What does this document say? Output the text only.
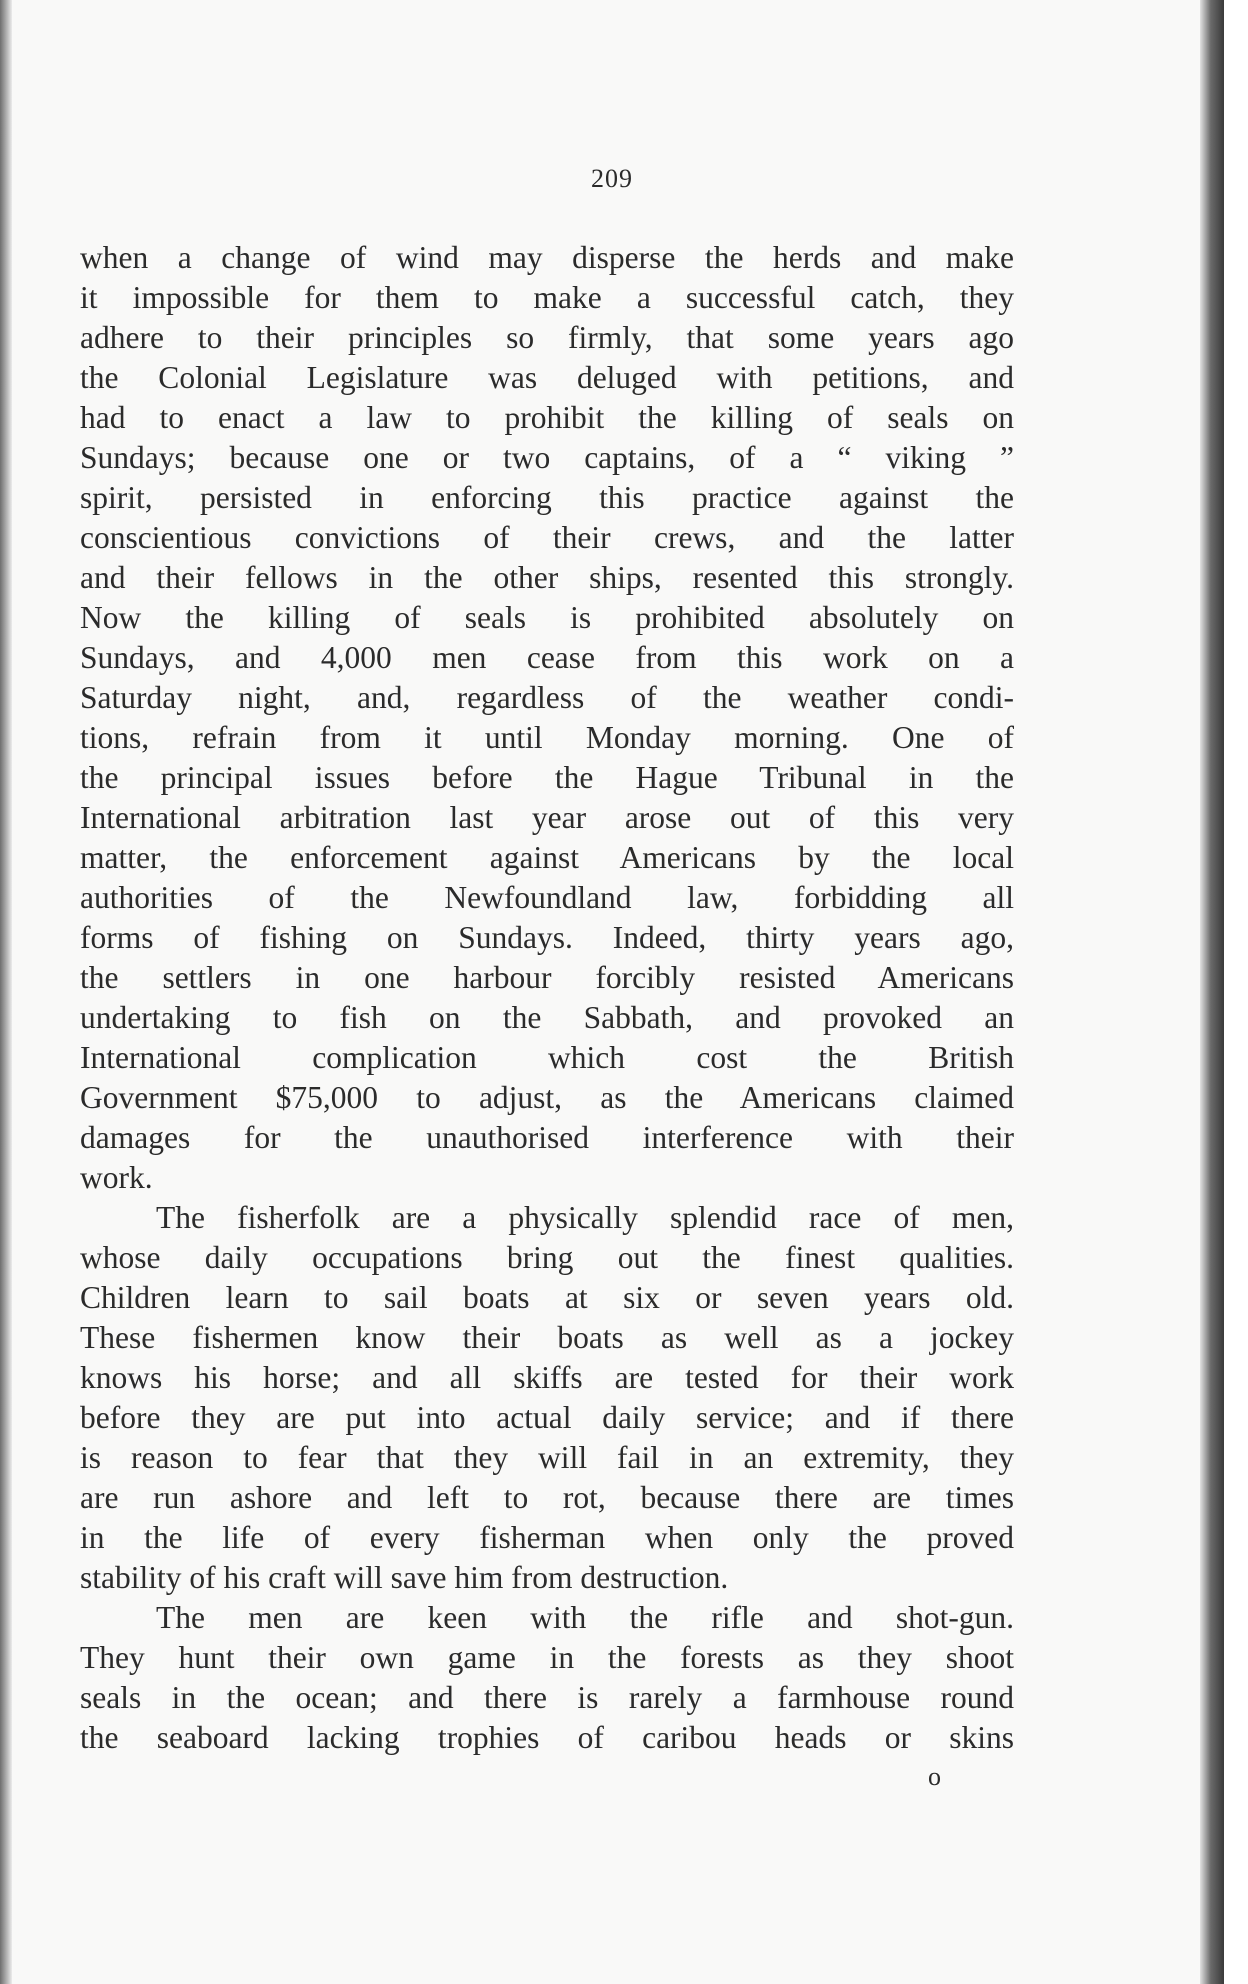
209
when a change of wind may disperse the herds and make
it impossible for them to make a successful catch, they
adhere to their principles so firmly, that some years ago
the Colonial Legislature was deluged with petitions, and
had to enact a law to prohibit the killing of seals on
Sundays; because one or two captains, of a “ viking ”
spirit, persisted in enforcing this practice against the
conscientious convictions of their crews, and the latter
and their fellows in the other ships, resented this strongly.
Now the killing of seals is prohibited absolutely on
Sundays, and 4,000 men cease from this work on a
Saturday night, and, regardless of the weather condi-
tions, refrain from it until Monday morning. One of
the principal issues before the Hague Tribunal in the
International arbitration last year arose out of this very
matter, the enforcement against Americans by the local
authorities of the Newfoundland law, forbidding all
forms of fishing on Sundays. Indeed, thirty years ago,
the settlers in one harbour forcibly resisted Americans
undertaking to fish on the Sabbath, and provoked an
International complication which cost the British
Government $75,000 to adjust, as the Americans claimed
damages for the unauthorised interference with their
work.
The fisherfolk are a physically splendid race of men,
whose daily occupations bring out the finest qualities.
Children learn to sail boats at six or seven years old.
These fishermen know their boats as well as a jockey
knows his horse; and all skiffs are tested for their work
before they are put into actual daily service; and if there
is reason to fear that they will fail in an extremity, they
are run ashore and left to rot, because there are times
in the life of every fisherman when only the proved
stability of his craft will save him from destruction.
The men are keen with the rifle and shot-gun.
They hunt their own game in the forests as they shoot
seals in the ocean; and there is rarely a farmhouse round
the seaboard lacking trophies of caribou heads or skins
o
